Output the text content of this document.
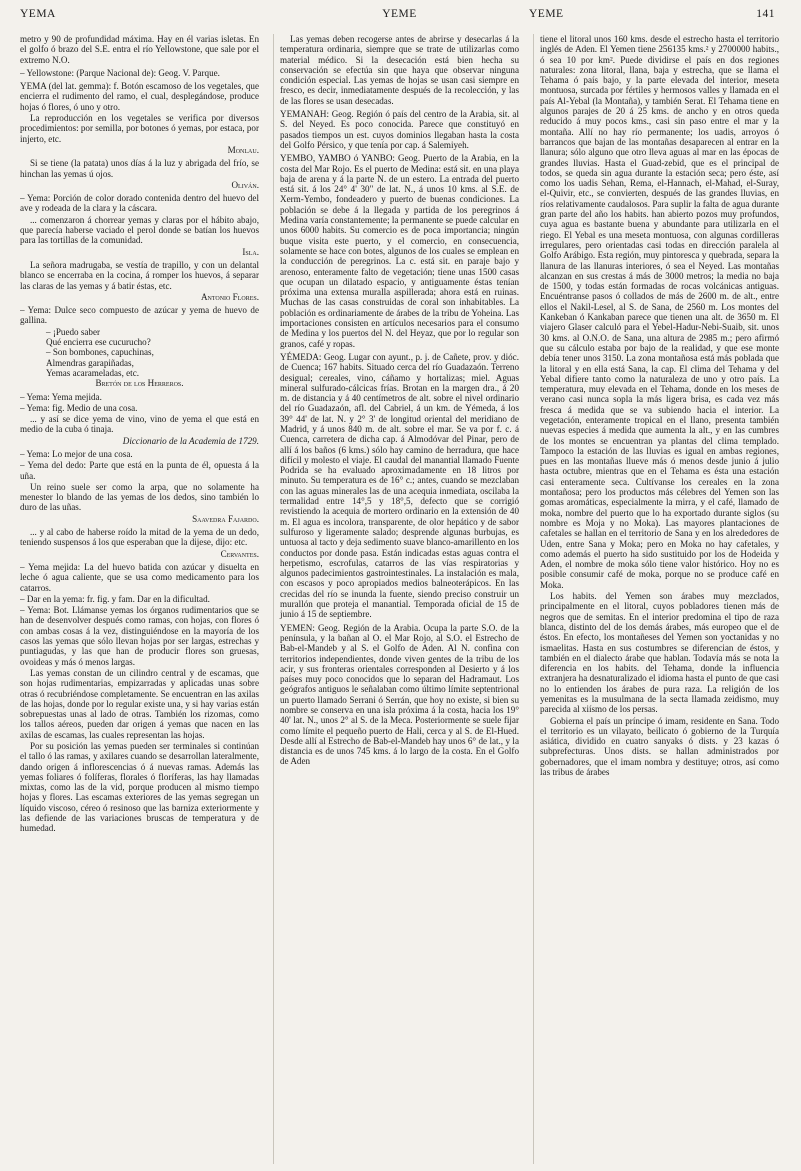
YEMA	YEME	YEME	141

metro y 90 de profundidad máxima. Hay en él varias isletas. En el golfo ó brazo del S.E. entra el río Yellowstone, que sale por el extremo N.O.

– Yellowstone: (Parque Nacional de): Geog. V. Parque.

YEMA (del lat. gemma): f. Botón escamoso de los vegetales, que encierra el rudimento del ramo, el cual, desplegándose, produce hojas ó flores, ó uno y otro.

La reproducción en los vegetales se verifica por diversos procedimientos: por semilla, por botones ó yemas, por estaca, por injerto, etc.

Monlau.

Si se tiene (la patata) unos días á la luz y abrigada del frío, se hinchan las yemas ú ojos.

Oliván.

– Yema: Porción de color dorado contenida dentro del huevo del ave y rodeada de la clara y la cáscara.

... comenzaron á chorrear yemas y claras por el hábito abajo, que parecía haberse vaciado el perol donde se batían los huevos para las tortillas de la comunidad.

Isla.

La señora madrugaba, se vestía de trapillo, y con un delantal blanco se encerraba en la cocina, á romper los huevos, á separar las claras de las yemas y á batir éstas, etc.

Antonio Flores.

– Yema: Dulce seco compuesto de azúcar y yema de huevo de gallina.

– ¡Puedo saber

Qué encierra ese cucurucho?

– Son bombones, capuchinas,

Almendras garapiñadas,

Yemas acarameladas, etc.

Bretón de los Herreros.

– Yema: Yema mejida.

– Yema: fig. Medio de una cosa.

... y así se dice yema de vino, vino de yema el que está en medio de la cuba ó tinaja.

Diccionario de la Academia de 1729.

– Yema: Lo mejor de una cosa.

– Yema del dedo: Parte que está en la punta de él, opuesta á la uña.

Un reino suele ser como la arpa, que no solamente ha menester lo blando de las yemas de los dedos, sino también lo duro de las uñas.

Saavedra Fajardo.

... y al cabo de haberse roído la mitad de la yema de un dedo, teniendo suspensos á los que esperaban que la dijese, dijo: etc.

Cervantes.

– Yema mejida: La del huevo batida con azúcar y disuelta en leche ó agua caliente, que se usa como medicamento para los catarros.

– Dar en la yema: fr. fig. y fam. Dar en la dificultad.

– Yema: Bot. Llámanse yemas los órganos rudimentarios que se han de desenvolver después como ramas, con hojas, con flores ó con ambas cosas á la vez, distinguiéndose en la mayoría de los casos las yemas que sólo llevan hojas por ser largas, estrechas y puntiagudas, y las que han de producir flores son gruesas, ovoideas y más ó menos largas.

Las yemas constan de un cilindro central y de escamas, que son hojas rudimentarias, empizarradas y aplicadas unas sobre otras ó recubriéndose completamente. Se encuentran en las axilas de las hojas, donde por lo regular existe una, y si hay varias están sobrepuestas unas al lado de otras. También los rizomas, como los tallos aéreos, pueden dar origen á yemas que nacen en las axilas de escamas, las cuales representan las hojas.

Por su posición las yemas pueden ser terminales si continúan el tallo ó las ramas, y axilares cuando se desarrollan lateralmente, dando origen á inflorescencias ó á nuevas ramas. Además las yemas foliares ó folíferas, florales ó floríferas, las hay llamadas mixtas, como las de la vid, porque producen al mismo tiempo hojas y flores. Las escamas exteriores de las yemas segregan un líquido viscoso, céreo ó resinoso que las barniza exteriormente y las defiende de las variaciones bruscas de temperatura y de humedad.

Las yemas deben recogerse antes de abrirse y desecarlas á la temperatura ordinaria, siempre que se trate de utilizarlas como material médico. Si la desecación está bien hecha su conservación se efectúa sin que haya que observar ninguna condición especial. Las yemas de hojas se usan casi siempre en fresco, es decir, inmediatamente después de la recolección, y las de las flores se usan desecadas.

YEMANAH: Geog. Región ó país del centro de la Arabia, sit. al S. del Neyed. Es poco conocida. Parece que constituyó en pasados tiempos un est. cuyos dominios llegaban hasta la costa del Golfo Pérsico, y que tenía por cap. á Salemiyeh.

YEMBO, YAMBO ó YANBO: Geog. Puerto de la Arabia, en la costa del Mar Rojo. Es el puerto de Medina: está sit. en una playa baja de arena y á la parte N. de un estero. La entrada del puerto está sit. á los 24° 4' 30" de lat. N., á unos 10 kms. al S.E. de Xerm-Yembo, fondeadero y puerto de buenas condiciones. La población se debe á la llegada y partida de los peregrinos á Medina varía constantemente; la permanente se puede calcular en unos 6000 habits. Su comercio es de poca importancia; ningún buque visita este puerto, y el comercio, en consecuencia, solamente se hace con botes, algunos de los cuales se emplean en la conducción de peregrinos. La c. está sit. en paraje bajo y arenoso, enteramente falto de vegetación; tiene unas 1500 casas que ocupan un dilatado espacio, y antiguamente éstas tenían próxima una extensa muralla aspillerada; ahora está en ruinas. Muchas de las casas construidas de coral son inhabitables. La población es ordinariamente de árabes de la tribu de Yoheina. Las importaciones consisten en artículos necesarios para el consumo de Medina y los puertos del N. del Heyaz, que por lo regular son granos, café y ropas.

YÉMEDA: Geog. Lugar con ayunt., p. j. de Cañete, prov. y dióc. de Cuenca; 167 habits. Situado cerca del río Guadazaón. Terreno desigual; cereales, vino, cáñamo y hortalizas; miel. Aguas mineral sulfurado-cálcicas frías. Brotan en la margen dra., á 20 m. de distancia y á 40 centímetros de alt. sobre el nivel ordinario del río Guadazaón, afl. del Cabriel, á un km. de Yémeda, á los 39° 44' de lat. N. y 2° 3' de longitud oriental del meridiano de Madrid, y á unos 840 m. de alt. sobre el mar. Se va por f. c. á Cuenca, carretera de dicha cap. á Almodóvar del Pinar, pero de allí á los baños (6 kms.) sólo hay camino de herradura, que hace difícil y molesto el viaje. El caudal del manantial llamado Fuente Podrida se ha evaluado aproximadamente en 18 litros por minuto. Su temperatura es de 16° c.; antes, cuando se mezclaban con las aguas minerales las de una acequia inmediata, oscilaba la termalidad entre 14°,5 y 18°,5, defecto que se corrigió revistiendo la acequia de mortero ordinario en la extensión de 40 m. El agua es incolora, transparente, de olor hepático y de sabor sulfuroso y ligeramente salado; desprende algunas burbujas, es untuosa al tacto y deja sedimento suave blanco-amarillento en los conductos por donde pasa. Están indicadas estas aguas contra el herpetismo, escrofulas, catarros de las vías respiratorias y algunos padecimientos gastrointestinales. La instalación es mala, con escasos y poco apropiados medios balneoterápicos. En las crecidas del río se inunda la fuente, siendo preciso construir un murallón que proteja el manantial. Temporada oficial de 15 de junio á 15 de septiembre.

YEMEN: Geog. Región de la Arabia. Ocupa la parte S.O. de la península, y la bañan al O. el Mar Rojo, al S.O. el Estrecho de Bab-el-Mandeb y al S. el Golfo de Aden. Al N. confina con territorios independientes, donde viven gentes de la tribu de los acir, y sus fronteras orientales corresponden al Desierto y á los países muy poco conocidos que lo separan del Hadramaut. Los geógrafos antiguos le señalaban como último límite septentrional un puerto llamado Serrani ó Serrán, que hoy no existe, si bien su nombre se conserva en una isla próxima á la costa, hacia los 19° 40' lat. N., unos 2° al S. de la Meca. Posteriormente se suele fijar como límite el pequeño puerto de Hali, cerca y al S. de El-Hued. Desde allí al Estrecho de Bab-el-Mandeb hay unos 6° de lat., y la distancia es de unos 745 kms. á lo largo de la costa. En el Golfo de Aden

tiene el litoral unos 160 kms. desde el estrecho hasta el territorio inglés de Aden. El Yemen tiene 256135 kms.² y 2700000 habits., ó sea 10 por km². Puede dividirse el país en dos regiones naturales: zona litoral, llana, baja y estrecha, que se llama el Tehama ó país bajo, y la parte elevada del interior, meseta montuosa, surcada por fértiles y hermosos valles y llamada en el país Al-Yebal (la Montaña), y también Serat. El Tehama tiene en algunos parajes de 20 á 25 kms. de ancho y en otros queda reducido á muy pocos kms., casi sin paso entre el mar y la montaña. Allí no hay río permanente; los uadis, arroyos ó barrancos que bajan de las montañas desaparecen al entrar en la llanura; sólo alguno que otro lleva aguas al mar en las épocas de grandes lluvias. Hasta el Guad-zebid, que es el principal de todos, se queda sin agua durante la estación seca; pero éste, así como los uadis Sehan, Rema, el-Hannach, el-Mahad, el-Suray, el-Quivir, etc., se convierten, después de las grandes lluvias, en ríos relativamente caudalosos. Para suplir la falta de agua durante gran parte del año los habits. han abierto pozos muy profundos, cuya agua es bastante buena y abundante para utilizarla en el riego. El Yebal es una meseta montuosa, con algunas cordilleras irregulares, pero orientadas casi todas en dirección paralela al Golfo Arábigo. Esta región, muy pintoresca y quebrada, separa la llanura de las llanuras interiores, ó sea el Neyed. Las montañas alcanzan en sus crestas á más de 3000 metros; la media no baja de 1500, y todas están formadas de rocas volcánicas antiguas. Encuéntranse pasos ó collados de más de 2600 m. de alt., entre ellos el Nakil-Lesel, al S. de Sana, de 2560 m. Los montes del Kankeban ó Kankaban parece que tienen una alt. de 3650 m. El viajero Glaser calculó para el Yebel-Hadur-Nebi-Suaib, sit. unos 30 kms. al O.N.O. de Sana, una altura de 2985 m.; pero afirmó que su cálculo estaba por bajo de la realidad, y que ese monte debía tener unos 3150. La zona montañosa está más poblada que la litoral y en ella está Sana, la cap. El clima del Tehama y del Yebal difiere tanto como la naturaleza de uno y otro país. La temperatura, muy elevada en el Tehama, donde en los meses de verano casi nunca sopla la más ligera brisa, es cada vez más fresca á medida que se va subiendo hacia el interior. La vegetación, enteramente tropical en el llano, presenta también nuevas especies á medida que aumenta la alt., y en las cumbres de los montes se encuentran ya plantas del clima templado. Tampoco la estación de las lluvias es igual en ambas regiones, pues en las montañas llueve más ó menos desde junio á julio hasta octubre, mientras que en el Tehama es ésta una estación casi enteramente seca. Cultívanse los cereales en la zona montañosa; pero los productos más célebres del Yemen son las gomas aromáticas, especialmente la mirra, y el café, llamado de moka, nombre del puerto que lo ha exportado durante siglos (su nombre es Moja y no Moka). Las mayores plantaciones de cafetales se hallan en el territorio de Sana y en los alrededores de Uden, entre Sana y Moka; pero en Moka no hay cafetales, y como además el puerto ha sido sustituido por los de Hodeida y Aden, el nombre de moka sólo tiene valor histórico. Hoy no es posible consumir café de moka, porque no se produce café en Moka.

Los habits. del Yemen son árabes muy mezclados, principalmente en el litoral, cuyos pobladores tienen más de negros que de semitas. En el interior predomina el tipo de raza blanca, distinto del de los demás árabes, más europeo que el de éstos. En efecto, los montañeses del Yemen son yoctanidas y no ismaelitas. Hasta en sus costumbres se diferencian de éstos, y también en el dialecto árabe que hablan. Todavía más se nota la diferencia en los habits. del Tehama, donde la influencia extranjera ha desnaturalizado el idioma hasta el punto de que casi no lo entienden los árabes de pura raza. La religión de los yemenitas es la musulmana de la secta llamada zeidismo, muy parecida al xiísmo de los persas.

Gobierna el país un príncipe ó imam, residente en Sana. Todo el territorio es un vilayato, beilicato ó gobierno de la Turquía asiática, dividido en cuatro sanyaks ó dists. y 23 kazas ó subprefecturas. Unos dists. se hallan administrados por gobernadores, que el imam nombra y destituye; otros, así como las tribus de árabes
